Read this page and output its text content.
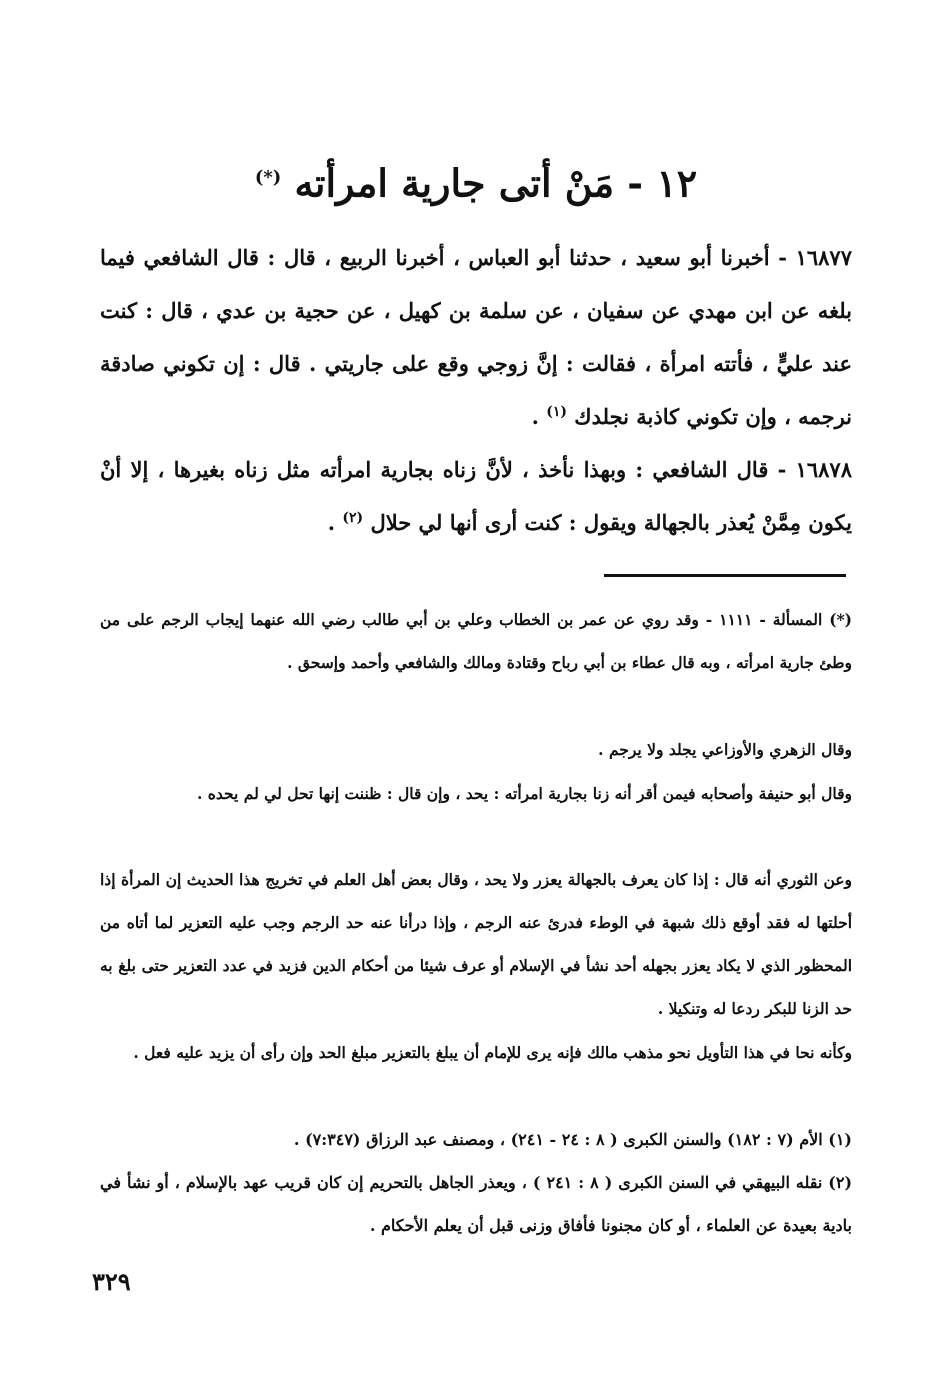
١٢ - مَنْ أتى جارية امرأته (*)

١٦٨٧٧ - أخبرنا أبو سعيد ، حدثنا أبو العباس ، أخبرنا الربيع ، قال : قال الشافعي فيما بلغه عن ابن مهدي عن سفيان ، عن سلمة بن كهيل ، عن حجية بن عدي ، قال : كنت عند عليٍّ ، فأتته امرأة ، فقالت : إنَّ زوجي وقع على جاريتي . قال : إن تكوني صادقة نرجمه ، وإن تكوني كاذبة نجلدك $^{(١)}$ .

١٦٨٧٨ - قال الشافعي : وبهذا نأخذ ، لأنَّ زناه بجارية امرأته مثل زناه بغيرها ، إلا أنْ يكون مِمَّنْ يُعذر بالجهالة ويقول : كنت أرى أنها لي حلال $^{(٢)}$ .

(*) المسألة - ١١١١ - وقد روي عن عمر بن الخطاب وعلي بن أبي طالب رضي الله عنهما إيجاب الرجم على من وطئ جارية امرأته ، وبه قال عطاء بن أبي رباح وقتادة ومالك والشافعي وأحمد وإسحق .

وقال الزهري والأوزاعي يجلد ولا يرجم .

وقال أبو حنيفة وأصحابه فيمن أقر أنه زنا بجارية امرأته : يحد ، وإن قال : ظننت إنها تحل لي لم يحده .

وعن الثوري أنه قال : إذا كان يعرف بالجهالة يعزر ولا يحد ، وقال بعض أهل العلم في تخريج هذا الحديث إن المرأة إذا أحلتها له فقد أوقع ذلك شبهة في الوطء فدرئ عنه الرجم ، وإذا درأنا عنه حد الرجم وجب عليه التعزير لما أتاه من المحظور الذي لا يكاد يعزر بجهله أحد نشأ في الإسلام أو عرف شيئا من أحكام الدين فزيد في عدد التعزير حتى بلغ به حد الزنا للبكر ردعا له وتنكيلا .

وكأنه نحا في هذا التأويل نحو مذهب مالك فإنه يرى للإمام أن يبلغ بالتعزير مبلغ الحد وإن رأى أن يزيد عليه فعل .

(١) الأم (٧ : ١٨٢) والسنن الكبرى ( ٨ : ٢٤ - ٢٤١) ، ومصنف عبد الرزاق (٧:٣٤٧) .

(٢) نقله البيهقي في السنن الكبرى ( ٨ : ٢٤١ ) ، ويعذر الجاهل بالتحريم إن كان قريب عهد بالإسلام ، أو نشأ في بادية بعيدة عن العلماء ، أو كان مجنونا فأفاق وزنى قبل أن يعلم الأحكام .

٣٢٩
